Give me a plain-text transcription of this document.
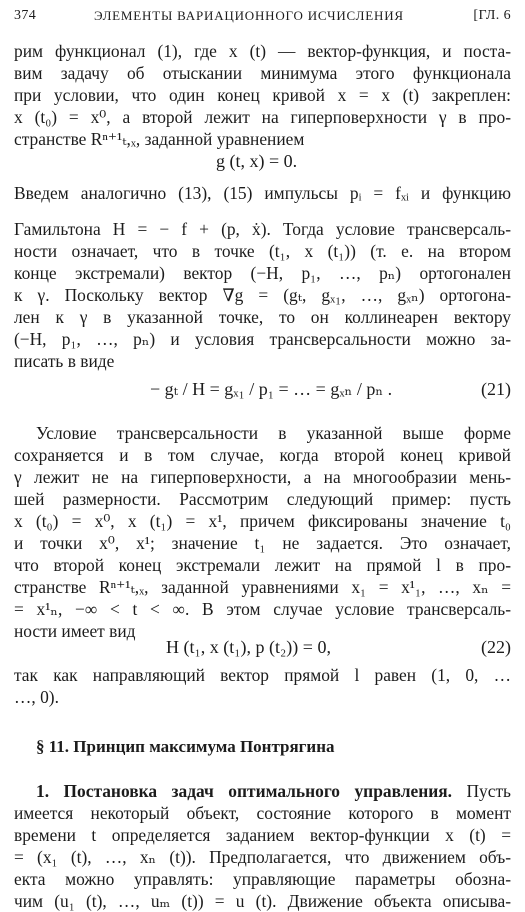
374	ЭЛЕМЕНТЫ ВАРИАЦИОННОГО ИСЧИСЛЕНИЯ	[ГЛ. 6
рим функционал (1), где x (t) — вектор-функция, и поста-
вим задачу об отыскании минимума этого функционала
при условии, что один конец кривой x = x (t) закреплен:
x (t₀) = x⁰, а второй лежит на гиперповерхности γ в про-
странстве Rⁿ⁺¹ₜ,ₓ, заданной уравнением
g (t, x) = 0.
Введем аналогично (13), (15) импульсы pᵢ = fₓᵢ и функцию
Гамильтона H = − f + (p, ẋ). Тогда условие трансверсаль-
ности означает, что в точке (t₁, x (t₁)) (т. е. на втором
конце экстремали) вектор (−H, p₁, …, pₙ) ортогонален
к γ. Поскольку вектор ∇g = (gₜ, gₓ₁, …, gₓₙ) ортогона-
лен к γ в указанной точке, то он коллинеарен вектору
(−H, p₁, …, pₙ) и условия трансверсальности можно за-
писать в виде
− gₜ / H = gₓ₁ / p₁ = … = gₓₙ / pₙ .	(21)
Условие трансверсальности в указанной выше форме
сохраняется и в том случае, когда второй конец кривой
γ лежит не на гиперповерхности, а на многообразии мень-
шей размерности. Рассмотрим следующий пример: пусть
x (t₀) = x⁰, x (t₁) = x¹, причем фиксированы значение t₀
и точки x⁰, x¹; значение t₁ не задается. Это означает,
что второй конец экстремали лежит на прямой l в про-
странстве Rⁿ⁺¹ₜ,ₓ, заданной уравнениями x₁ = x¹₁, …, xₙ =
= x¹ₙ, −∞ < t < ∞. В этом случае условие трансверсаль-
ности имеет вид
H (t₁, x (t₁), p (t₂)) = 0,	(22)
так как направляющий вектор прямой l равен (1, 0, …
…, 0).
§ 11. Принцип максимума Понтрягина
1. Постановка задач оптимального управления. Пусть
имеется некоторый объект, состояние которого в момент
времени t определяется заданием вектор-функции x (t) =
= (x₁ (t), …, xₙ (t)). Предполагается, что движением объ-
екта можно управлять: управляющие параметры обозна-
чим (u₁ (t), …, uₘ (t)) = u (t). Движение объекта описыва-
